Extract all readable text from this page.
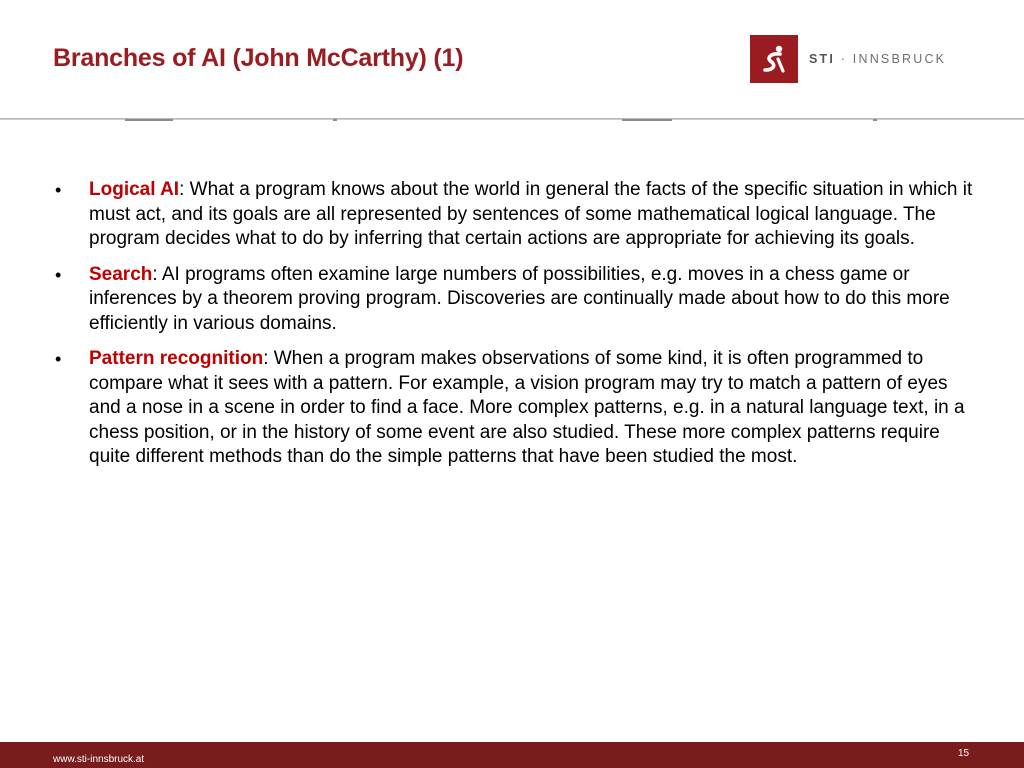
Branches of AI (John McCarthy) (1)	STI · INNSBRUCK
• Logical AI: What a program knows about the world in general the facts of the specific situation in which it must act, and its goals are all represented by sentences of some mathematical logical language. The program decides what to do by inferring that certain actions are appropriate for achieving its goals.

• Search: AI programs often examine large numbers of possibilities, e.g. moves in a chess game or inferences by a theorem proving program. Discoveries are continually made about how to do this more efficiently in various domains.

• Pattern recognition: When a program makes observations of some kind, it is often programmed to compare what it sees with a pattern. For example, a vision program may try to match a pattern of eyes and a nose in a scene in order to find a face. More complex patterns, e.g. in a natural language text, in a chess position, or in the history of some event are also studied. These more complex patterns require quite different methods than do the simple patterns that have been studied the most.

www.sti-innsbruck.at
15
